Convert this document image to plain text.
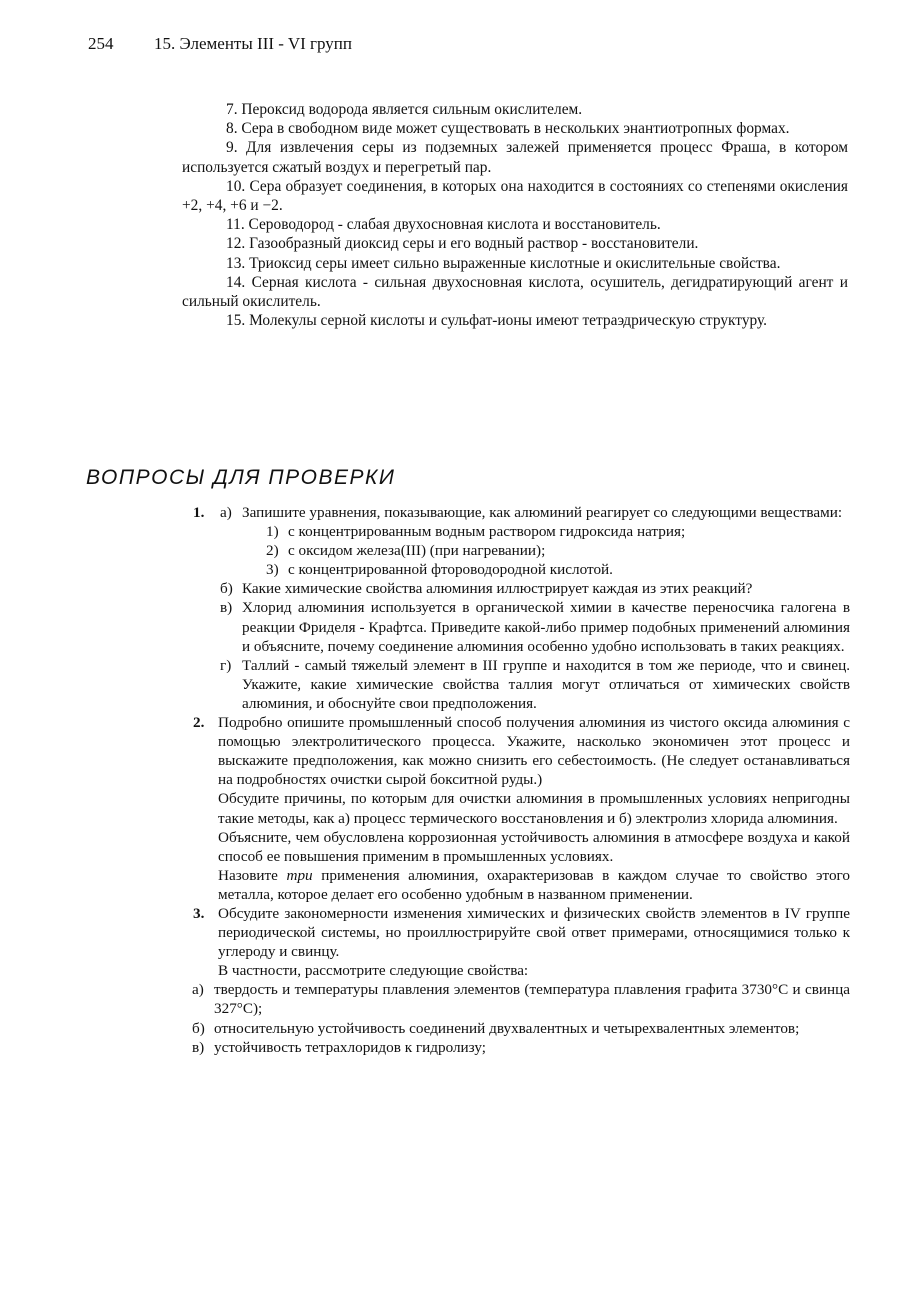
254 15. Элементы III - VI групп

7. Пероксид водорода является сильным окислителем.

8. Сера в свободном виде может существовать в нескольких энантиотропных формах.

9. Для извлечения серы из подземных залежей применяется процесс Фраша, в котором используется сжатый воздух и перегретый пар.

10. Сера образует соединения, в которых она находится в состояниях со степенями окисления +2, +4, +6 и −2.

11. Сероводород - слабая двухосновная кислота и восстановитель.

12. Газообразный диоксид серы и его водный раствор - восстановители.

13. Триоксид серы имеет сильно выраженные кислотные и окислительные свойства.

14. Серная кислота - сильная двухосновная кислота, осушитель, дегидратирующий агент и сильный окислитель.

15. Молекулы серной кислоты и сульфат-ионы имеют тетраэдрическую структуру.

ВОПРОСЫ ДЛЯ ПРОВЕРКИ
1. а) Запишите уравнения, показывающие, как алюминий реагирует со следующими веществами:
1) с концентрированным водным раствором гидроксида натрия;
2) с оксидом железа(III) (при нагревании);
3) с концентрированной фтороводородной кислотой.
б) Какие химические свойства алюминия иллюстрирует каждая из этих реакций?
в) Хлорид алюминия используется в органической химии в качестве переносчика галогена в реакции Фриделя - Крафтса. Приведите какой-либо пример подобных применений алюминия и объясните, почему соединение алюминия особенно удобно использовать в таких реакциях.
г) Таллий - самый тяжелый элемент в III группе и находится в том же периоде, что и свинец. Укажите, какие химические свойства таллия могут отличаться от химических свойств алюминия, и обоснуйте свои предположения.
2. Подробно опишите промышленный способ получения алюминия из чистого оксида алюминия с помощью электролитического процесса. Укажите, насколько экономичен этот процесс и выскажите предположения, как можно снизить его себестоимость. (Не следует останавливаться на подробностях очистки сырой бокситной руды.)
Обсудите причины, по которым для очистки алюминия в промышленных условиях непригодны такие методы, как а) процесс термического восстановления и б) электролиз хлорида алюминия.
Объясните, чем обусловлена коррозионная устойчивость алюминия в атмосфере воздуха и какой способ ее повышения применим в промышленных условиях.
Назовите три применения алюминия, охарактеризовав в каждом случае то свойство этого металла, которое делает его особенно удобным в названном применении.
3. Обсудите закономерности изменения химических и физических свойств элементов в IV группе периодической системы, но проиллюстрируйте свой ответ примерами, относящимися только к углероду и свинцу.
В частности, рассмотрите следующие свойства:
а) твердость и температуры плавления элементов (температура плавления графита 3730°C и свинца 327°C);
б) относительную устойчивость соединений двухвалентных и четырехвалентных элементов;
в) устойчивость тетрахлоридов к гидролизу;
